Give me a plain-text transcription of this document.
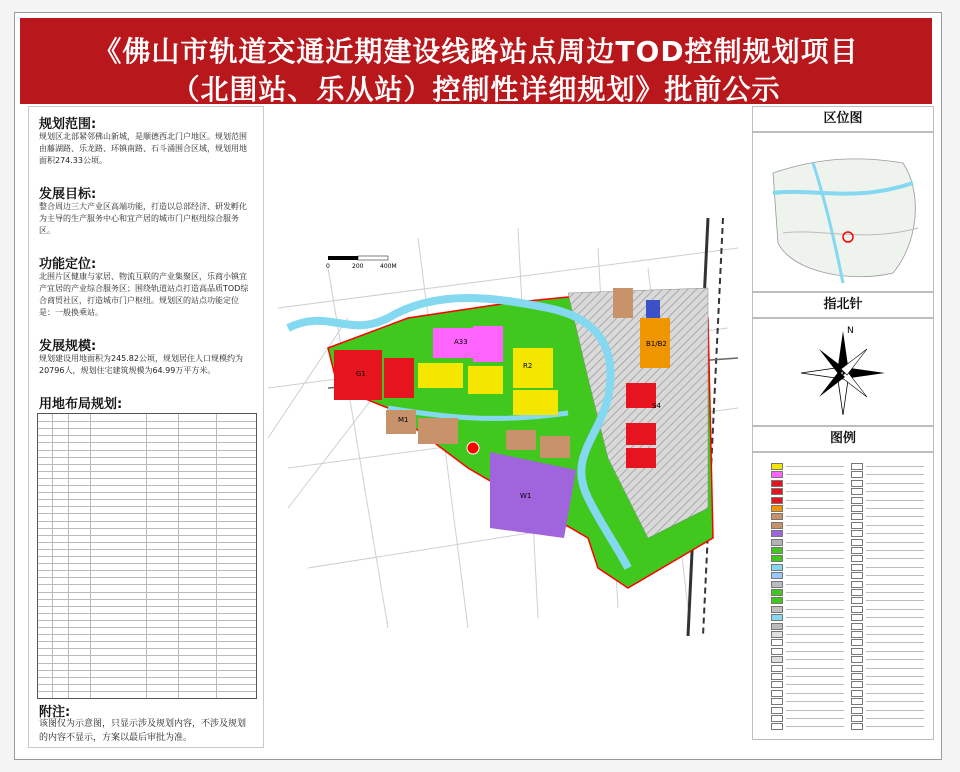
《佛山市轨道交通近期建设线路站点周边TOD控制规划项目
（北围站、乐从站）控制性详细规划》批前公示
规划范围:
规划区北部紧邻佛山新城，是顺德西北门户地区。规划范围由藤湖路、乐龙路、环镇南路、石斗涌围合区域，规划用地面积274.33公顷。
发展目标:
整合周边三大产业区高端功能，打造以总部经济、研发孵化为主导的生产服务中心和宜产居的城市门户枢纽综合服务区。
功能定位:
北围片区健康与家居、物流互联的产业集聚区，乐商小镇宜产宜居的产业综合服务区；围绕轨道站点打造高品质TOD综合商贸社区，打造城市门户枢纽。规划区的站点功能定位是：一般换乘站。
发展规模:
规划建设用地面积为245.82公顷，规划居住人口规模约为20796人，规划住宅建筑规模为64.99万平方米。
用地布局规划:
附注:
该图仅为示意图，只显示涉及规划内容，不涉及规划的内容不显示，方案以最后审批为准。
0	200	400M
R2
B1/B2
M1
G1
A33
W1
S4
区位图
指北针
N
图例
